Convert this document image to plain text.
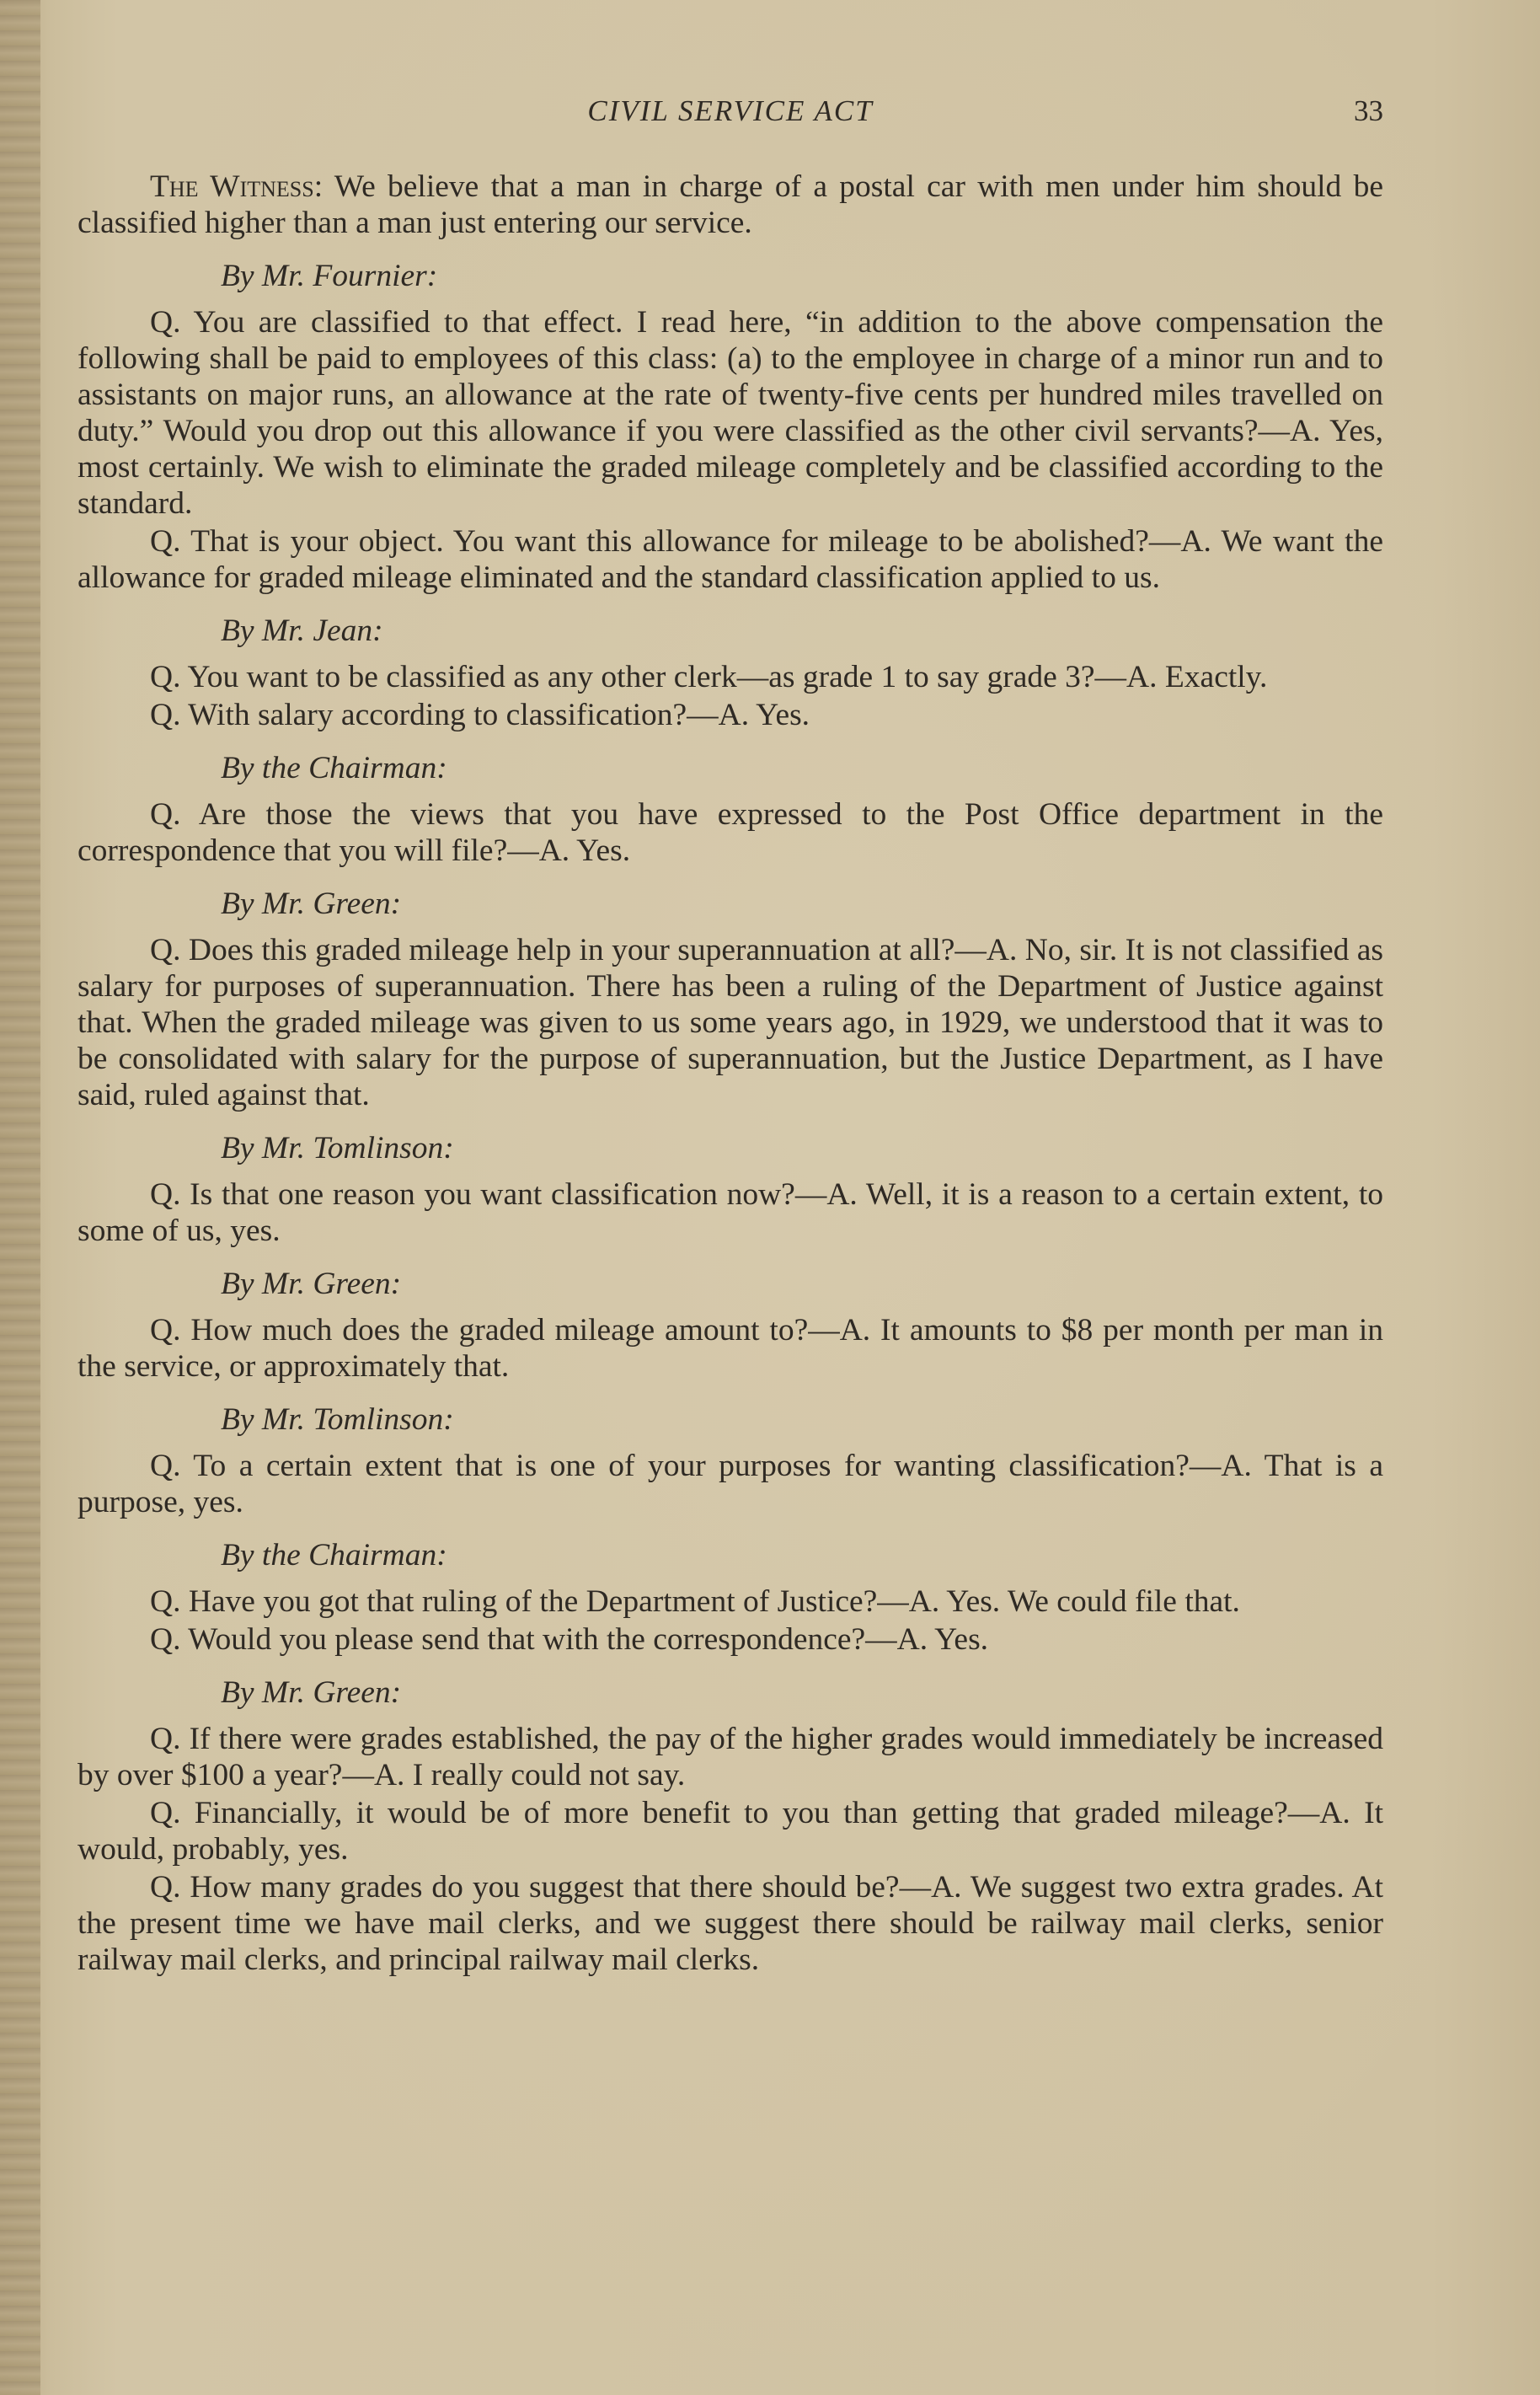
CIVIL SERVICE ACT	33

The Witness: We believe that a man in charge of a postal car with men under him should be classified higher than a man just entering our service.

By Mr. Fournier:

Q. You are classified to that effect. I read here, “in addition to the above compensation the following shall be paid to employees of this class: (a) to the employee in charge of a minor run and to assistants on major runs, an allowance at the rate of twenty-five cents per hundred miles travelled on duty.” Would you drop out this allowance if you were classified as the other civil servants?—A. Yes, most certainly. We wish to eliminate the graded mileage completely and be classified according to the standard.

Q. That is your object. You want this allowance for mileage to be abolished?—A. We want the allowance for graded mileage eliminated and the standard classification applied to us.

By Mr. Jean:

Q. You want to be classified as any other clerk—as grade 1 to say grade 3?—A. Exactly.

Q. With salary according to classification?—A. Yes.

By the Chairman:

Q. Are those the views that you have expressed to the Post Office department in the correspondence that you will file?—A. Yes.

By Mr. Green:

Q. Does this graded mileage help in your superannuation at all?—A. No, sir. It is not classified as salary for purposes of superannuation. There has been a ruling of the Department of Justice against that. When the graded mileage was given to us some years ago, in 1929, we understood that it was to be consolidated with salary for the purpose of superannuation, but the Justice Department, as I have said, ruled against that.

By Mr. Tomlinson:

Q. Is that one reason you want classification now?—A. Well, it is a reason to a certain extent, to some of us, yes.

By Mr. Green:

Q. How much does the graded mileage amount to?—A. It amounts to $8 per month per man in the service, or approximately that.

By Mr. Tomlinson:

Q. To a certain extent that is one of your purposes for wanting classification?—A. That is a purpose, yes.

By the Chairman:

Q. Have you got that ruling of the Department of Justice?—A. Yes. We could file that.

Q. Would you please send that with the correspondence?—A. Yes.

By Mr. Green:

Q. If there were grades established, the pay of the higher grades would immediately be increased by over $100 a year?—A. I really could not say.

Q. Financially, it would be of more benefit to you than getting that graded mileage?—A. It would, probably, yes.

Q. How many grades do you suggest that there should be?—A. We suggest two extra grades. At the present time we have mail clerks, and we suggest there should be railway mail clerks, senior railway mail clerks, and principal railway mail clerks.
